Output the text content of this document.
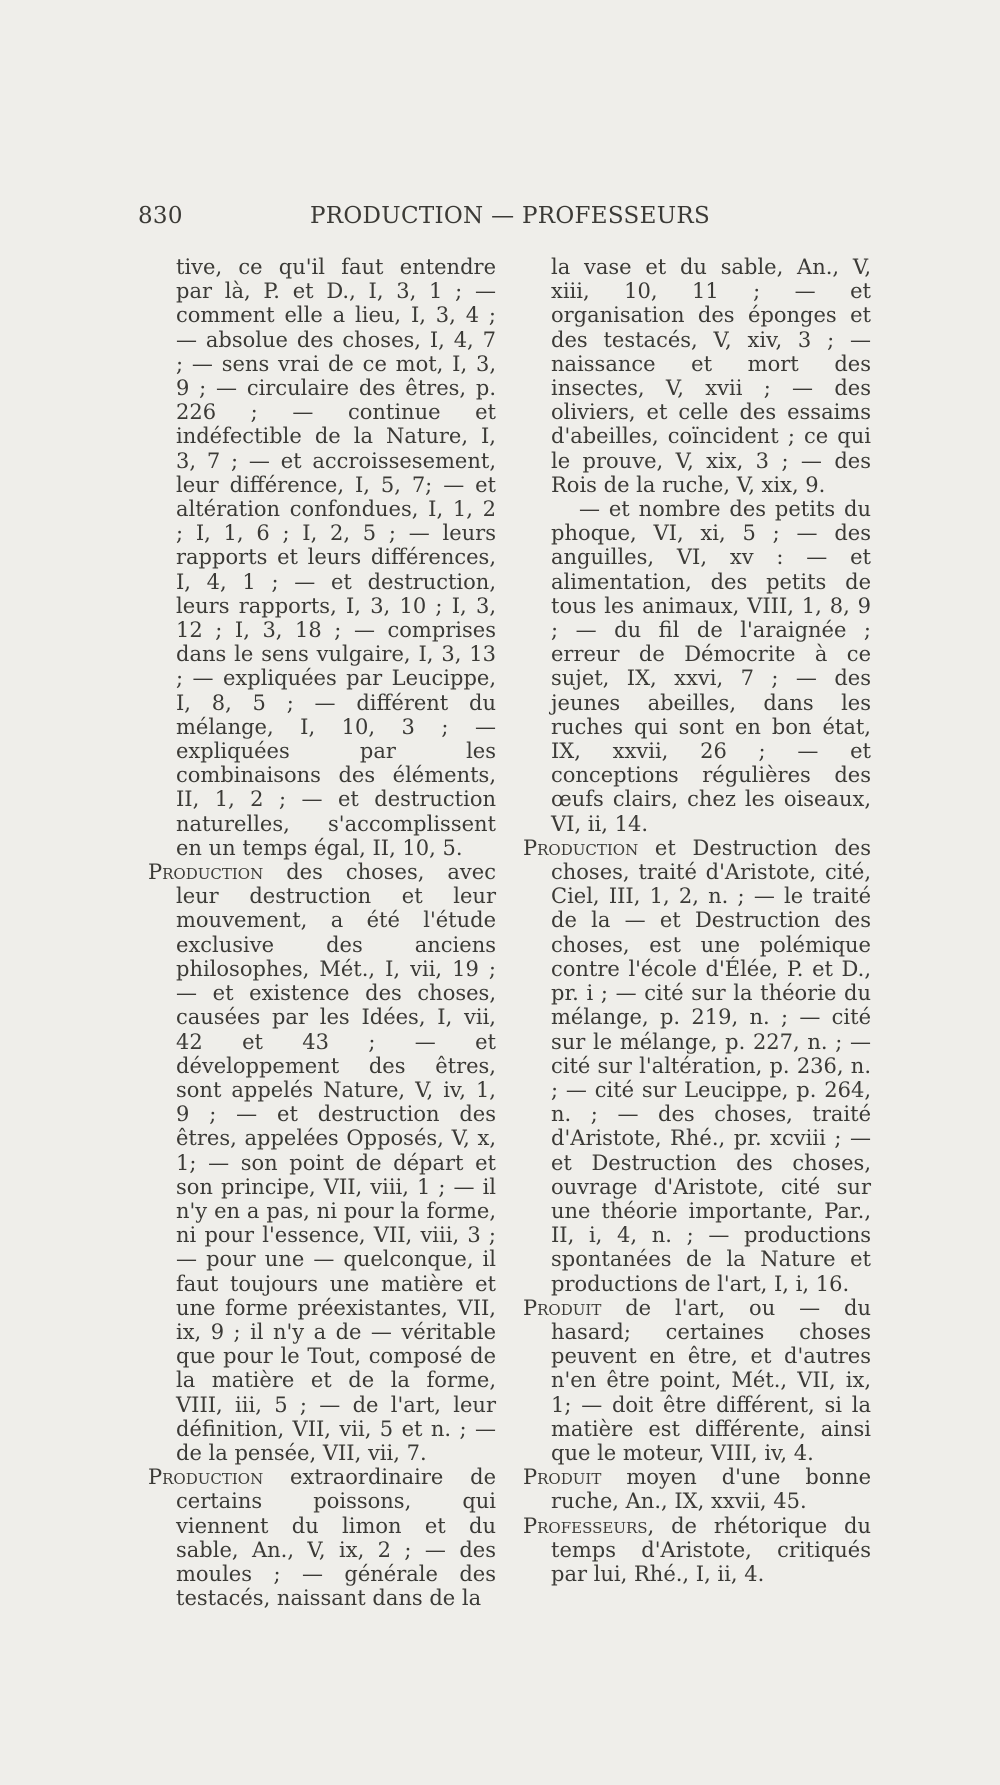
830	PRODUCTION — PROFESSEURS

tive, ce qu'il faut entendre par là, P. et D., I, 3, 1 ; — comment elle a lieu, I, 3, 4 ; — absolue des choses, I, 4, 7 ; — sens vrai de ce mot, I, 3, 9 ; — circulaire des êtres, p. 226 ; — continue et indéfectible de la Nature, I, 3, 7 ; — et accroissesement, leur différence, I, 5, 7; — et altération confondues, I, 1, 2 ; I, 1, 6 ; I, 2, 5 ; — leurs rapports et leurs différences, I, 4, 1 ; — et destruction, leurs rapports, I, 3, 10 ; I, 3, 12 ; I, 3, 18 ; — comprises dans le sens vulgaire, I, 3, 13 ; — expliquées par Leucippe, I, 8, 5 ; — différent du mélange, I, 10, 3 ; — expliquées par les combinaisons des éléments, II, 1, 2 ; — et destruction naturelles, s'accomplissent en un temps égal, II, 10, 5.

Production des choses, avec leur destruction et leur mouvement, a été l'étude exclusive des anciens philosophes, Mét., I, vii, 19 ; — et existence des choses, causées par les Idées, I, vii, 42 et 43 ; — et développement des êtres, sont appelés Nature, V, iv, 1, 9 ; — et destruction des êtres, appelées Opposés, V, x, 1; — son point de départ et son principe, VII, viii, 1 ; — il n'y en a pas, ni pour la forme, ni pour l'essence, VII, viii, 3 ; — pour une — quelconque, il faut toujours une matière et une forme préexistantes, VII, ix, 9 ; il n'y a de — véritable que pour le Tout, composé de la matière et de la forme, VIII, iii, 5 ; — de l'art, leur définition, VII, vii, 5 et n. ; — de la pensée, VII, vii, 7.

Production extraordinaire de certains poissons, qui viennent du limon et du sable, An., V, ix, 2 ; — des moules ; — générale des testacés, naissant dans de la

la vase et du sable, An., V, xiii, 10, 11 ; — et organisation des éponges et des testacés, V, xiv, 3 ; — naissance et mort des insectes, V, xvii ; — des oliviers, et celle des essaims d'abeilles, coïncident ; ce qui le prouve, V, xix, 3 ; — des Rois de la ruche, V, xix, 9.

— et nombre des petits du phoque, VI, xi, 5 ; — des anguilles, VI, xv : — et alimentation, des petits de tous les animaux, VIII, 1, 8, 9 ; — du fil de l'araignée ; erreur de Démocrite à ce sujet, IX, xxvi, 7 ; — des jeunes abeilles, dans les ruches qui sont en bon état, IX, xxvii, 26 ; — et conceptions régulières des œufs clairs, chez les oiseaux, VI, ii, 14.

Production et Destruction des choses, traité d'Aristote, cité, Ciel, III, 1, 2, n. ; — le traité de la — et Destruction des choses, est une polémique contre l'école d'Élée, P. et D., pr. i ; — cité sur la théorie du mélange, p. 219, n. ; — cité sur le mélange, p. 227, n. ; — cité sur l'altération, p. 236, n. ; — cité sur Leucippe, p. 264, n. ; — des choses, traité d'Aristote, Rhé., pr. xcviii ; — et Destruction des choses, ouvrage d'Aristote, cité sur une théorie importante, Par., II, i, 4, n. ; — productions spontanées de la Nature et productions de l'art, I, i, 16.

Produit de l'art, ou — du hasard; certaines choses peuvent en être, et d'autres n'en être point, Mét., VII, ix, 1; — doit être différent, si la matière est différente, ainsi que le moteur, VIII, iv, 4.

Produit moyen d'une bonne ruche, An., IX, xxvii, 45.

Professeurs, de rhétorique du temps d'Aristote, critiqués par lui, Rhé., I, ii, 4.
